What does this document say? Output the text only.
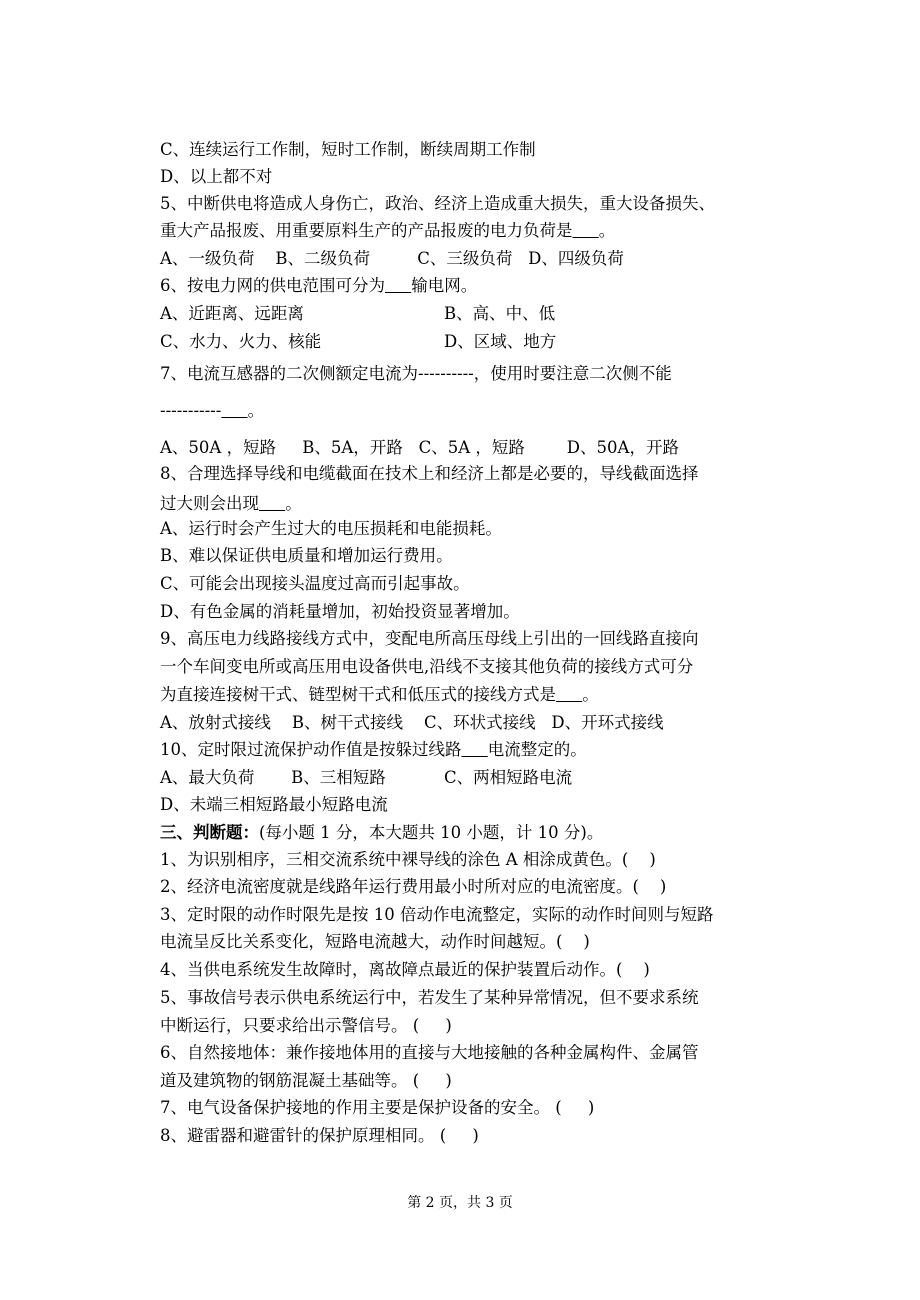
C、连续运行工作制，短时工作制，断续周期工作制
D、以上都不对
5、中断供电将造成人身伤亡，政治、经济上造成重大损失，重大设备损失、
重大产品报废、用重要原料生产的产品报废的电力负荷是 。
A、一级负荷    B、二级负荷         C、三级负荷   D、四级负荷
6、按电力网的供电范围可分为 输电网。
A、近距离、远距离	B、高、中、低
C、水力、火力、核能	D、区域、地方
7、电流互感器的二次侧额定电流为----------，使用时要注意二次侧不能
----------- 。
A、50A ，短路     B、5A，开路   C、5A ，短路        D、50A，开路
8、合理选择导线和电缆截面在技术上和经济上都是必要的，导线截面选择
过大则会出现 。
A、运行时会产生过大的电压损耗和电能损耗。
B、难以保证供电质量和增加运行费用。
C、可能会出现接头温度过高而引起事故。
D、有色金属的消耗量增加，初始投资显著增加。
9、高压电力线路接线方式中，变配电所高压母线上引出的一回线路直接向
一个车间变电所或高压用电设备供电,沿线不支接其他负荷的接线方式可分
为直接连接树干式、链型树干式和低压式的接线方式是 。
A、放射式接线    B、树干式接线    C、环状式接线   D、开环式接线
10、定时限过流保护动作值是按躲过线路 电流整定的。
A、最大负荷       B、三相短路	C、两相短路电流
D、未端三相短路最小短路电流
三、判断题：(每小题 1 分，本大题共 10 小题，计 10 分)。
1、为识别相序，三相交流系统中裸导线的涂色 A 相涂成黄色。(    )
2、经济电流密度就是线路年运行费用最小时所对应的电流密度。(    )
3、定时限的动作时限先是按 10 倍动作电流整定，实际的动作时间则与短路
电流呈反比关系变化，短路电流越大，动作时间越短。(    )
4、当供电系统发生故障时，离故障点最近的保护装置后动作。(    )
5、事故信号表示供电系统运行中，若发生了某种异常情况，但不要求系统
中断运行，只要求给出示警信号。 (     )
6、自然接地体：兼作接地体用的直接与大地接触的各种金属构件、金属管
道及建筑物的钢筋混凝土基础等。 (     )
7、电气设备保护接地的作用主要是保护设备的安全。 (     )
8、避雷器和避雷针的保护原理相同。 (     )
第 2 页，共 3 页
